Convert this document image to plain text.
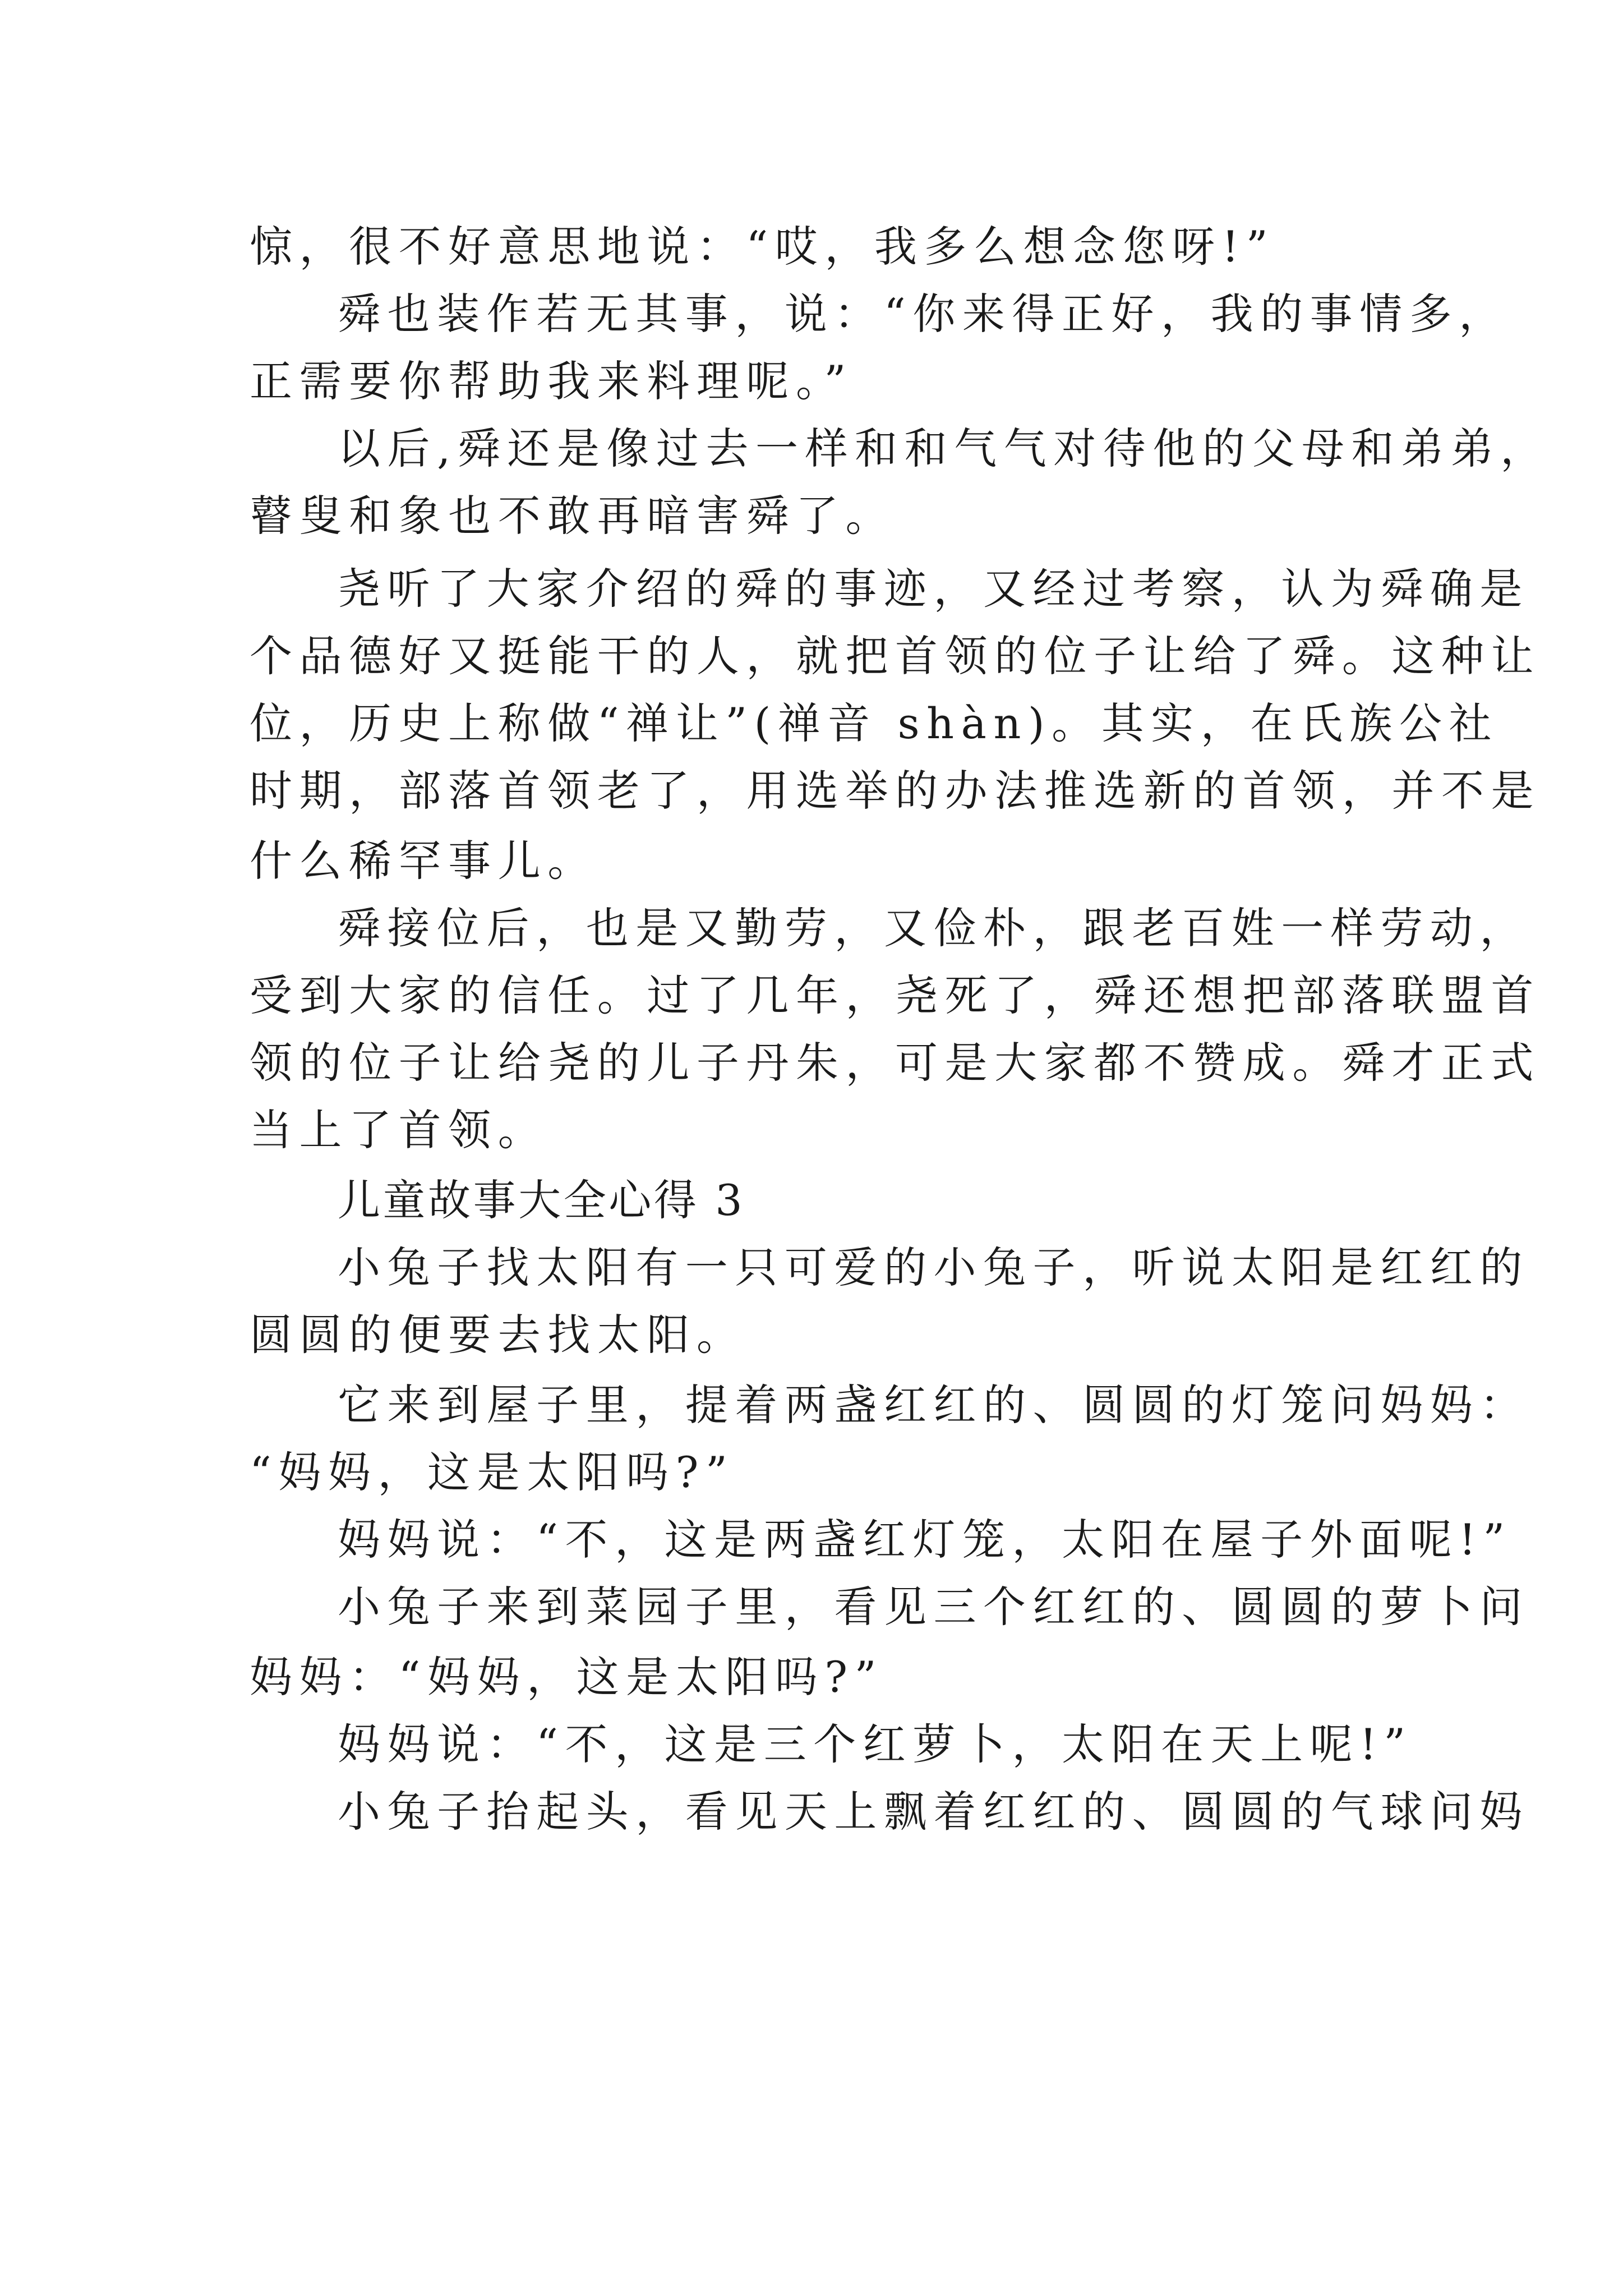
惊，很不好意思地说：“哎，我多么想念您呀!”
舜也装作若无其事，说：“你来得正好，我的事情多，
正需要你帮助我来料理呢。”
以后,舜还是像过去一样和和气气对待他的父母和弟弟，
瞽叟和象也不敢再暗害舜了。
尧听了大家介绍的舜的事迹，又经过考察，认为舜确是
个品德好又挺能干的人，就把首领的位子让给了舜。这种让
位，历史上称做“禅让”(禅音 shàn)。其实，在氏族公社
时期，部落首领老了，用选举的办法推选新的首领，并不是
什么稀罕事儿。
舜接位后，也是又勤劳，又俭朴，跟老百姓一样劳动，
受到大家的信任。过了几年，尧死了，舜还想把部落联盟首
领的位子让给尧的儿子丹朱，可是大家都不赞成。舜才正式
当上了首领。
儿童故事大全心得 3
小兔子找太阳有一只可爱的小兔子，听说太阳是红红的
圆圆的便要去找太阳。
它来到屋子里，提着两盏红红的、圆圆的灯笼问妈妈：
“妈妈，这是太阳吗?”
妈妈说：“不，这是两盏红灯笼，太阳在屋子外面呢!”
小兔子来到菜园子里，看见三个红红的、圆圆的萝卜问
妈妈：“妈妈，这是太阳吗?”
妈妈说：“不，这是三个红萝卜，太阳在天上呢!”
小兔子抬起头，看见天上飘着红红的、圆圆的气球问妈
